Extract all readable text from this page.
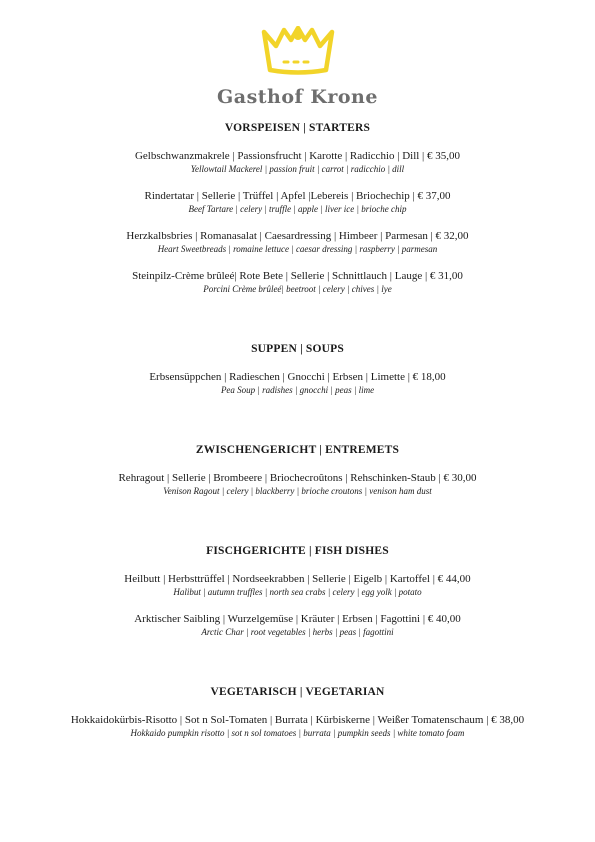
Gasthof Krone
VORSPEISEN | STARTERS
Gelbschwanzmakrele | Passionsfrucht | Karotte | Radicchio | Dill | € 35,00
Yellowtail Mackerel | passion fruit | carrot | radicchio | dill
Rindertatar | Sellerie | Trüffel | Apfel |Lebereis | Briochechip | € 37,00
Beef Tartare | celery | truffle | apple | liver ice | brioche chip
Herzkalbsbries | Romanasalat | Caesardressing | Himbeer | Parmesan | € 32,00
Heart Sweetbreads | romaine lettuce | caesar dressing | raspberry | parmesan
Steinpilz-Crème brûleé| Rote Bete | Sellerie | Schnittlauch | Lauge | € 31,00
Porcini Crème brûleé| beetroot | celery | chives | lye
SUPPEN | SOUPS
Erbsensüppchen | Radieschen | Gnocchi | Erbsen | Limette | € 18,00
Pea Soup | radishes | gnocchi | peas | lime
ZWISCHENGERICHT | ENTREMETS
Rehragout | Sellerie | Brombeere | Briochecroûtons | Rehschinken-Staub | € 30,00
Venison Ragout | celery | blackberry | brioche croutons | venison ham dust
FISCHGERICHTE | FISH DISHES
Heilbutt | Herbsttrüffel | Nordseekrabben | Sellerie | Eigelb | Kartoffel | € 44,00
Halibut | autumn truffles | north sea crabs | celery | egg yolk | potato
Arktischer Saibling | Wurzelgemüse | Kräuter | Erbsen | Fagottini | € 40,00
Arctic Char | root vegetables | herbs | peas | fagottini
VEGETARISCH | VEGETARIAN
Hokkaidokürbis-Risotto | Sot n Sol-Tomaten | Burrata | Kürbiskerne | Weißer Tomatenschaum | € 38,00
Hokkaido pumpkin risotto | sot n sol tomatoes | burrata | pumpkin seeds | white tomato foam
